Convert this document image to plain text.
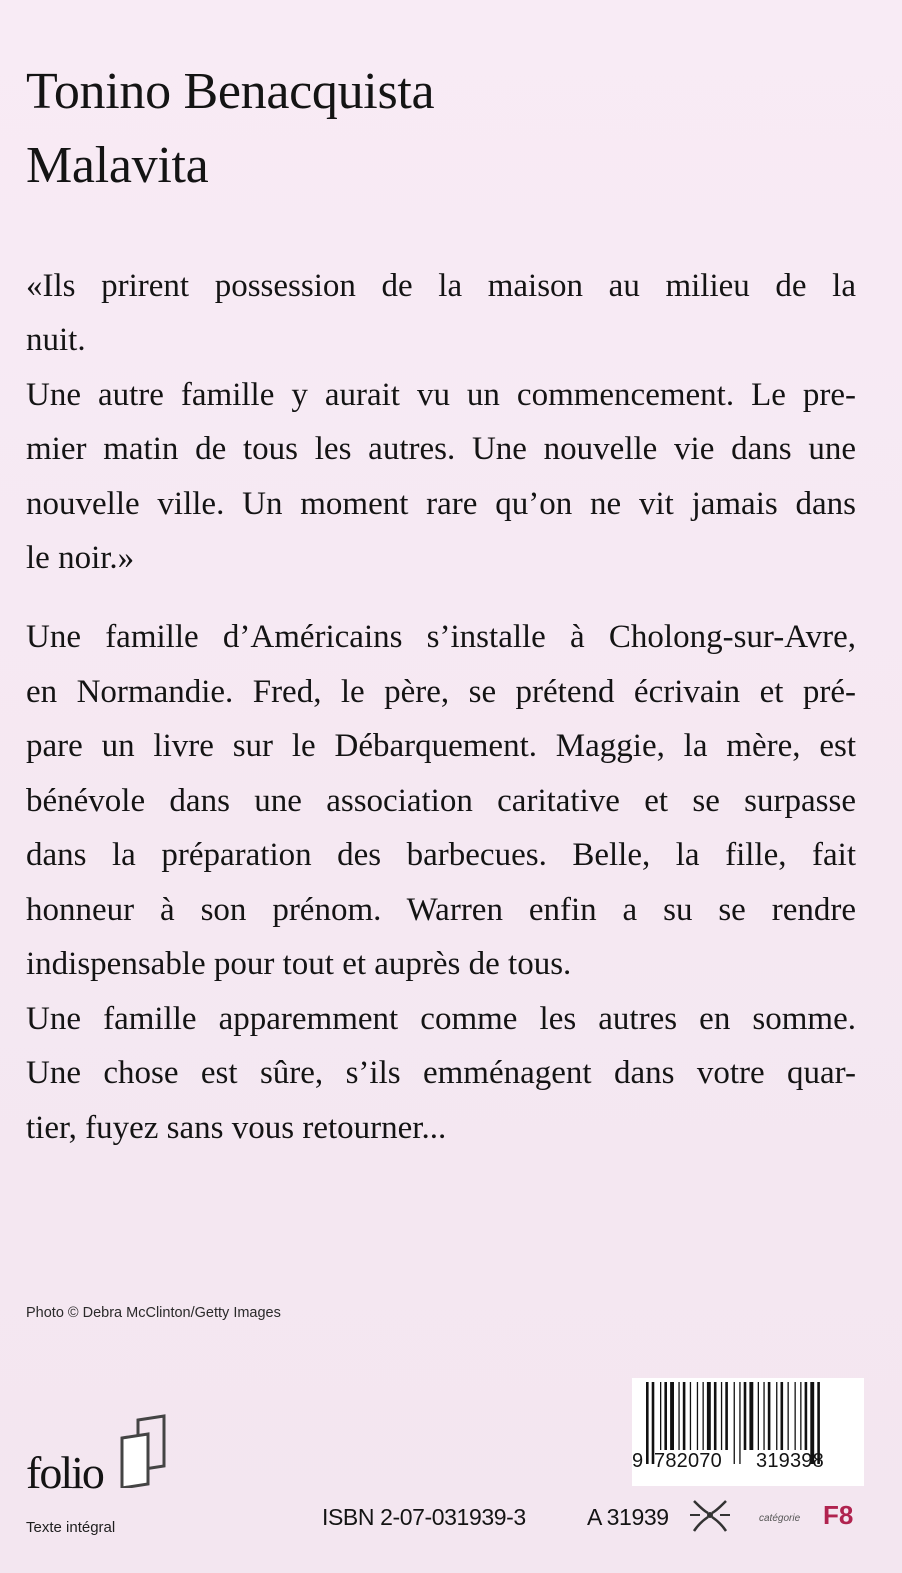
Tonino Benacquista
Malavita
«Ils prirent possession de la maison au milieu de la
nuit.
Une autre famille y aurait vu un commencement. Le pre-
mier matin de tous les autres. Une nouvelle vie dans une
nouvelle ville. Un moment rare qu’on ne vit jamais dans
le noir.»
Une famille d’Américains s’installe à Cholong-sur-Avre,
en Normandie. Fred, le père, se prétend écrivain et pré-
pare un livre sur le Débarquement. Maggie, la mère, est
bénévole dans une association caritative et se surpasse
dans la préparation des barbecues. Belle, la fille, fait
honneur à son prénom. Warren enfin a su se rendre
indispensable pour tout et auprès de tous.
Une famille apparemment comme les autres en somme.
Une chose est sûre, s’ils emménagent dans votre quar-
tier, fuyez sans vous retourner...
Photo © Debra McClinton/Getty Images
folio
Texte intégral
9 782070 319398
ISBN 2-07-031939-3	A 31939	catégorie F8
